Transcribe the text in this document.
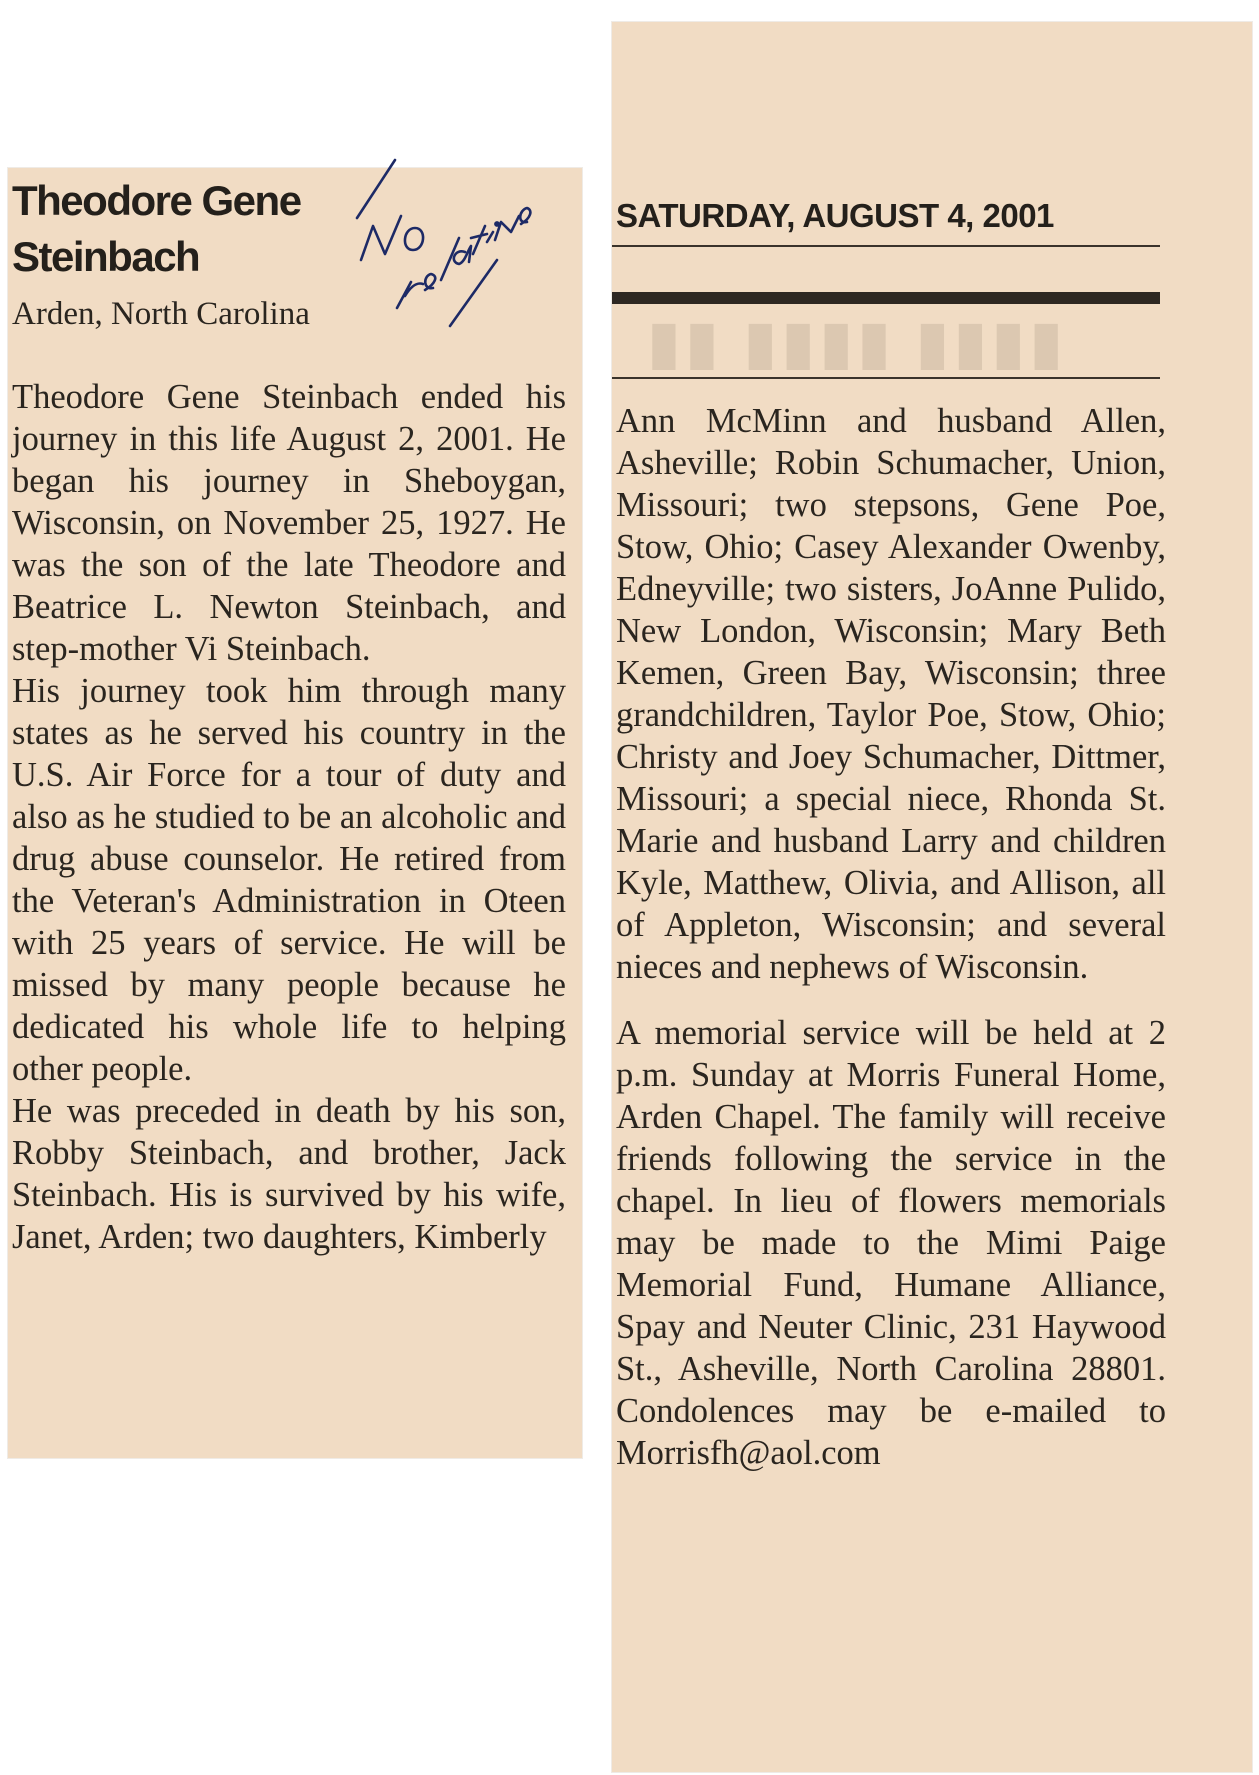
Theodore Gene Steinbach
Arden, North Carolina

Theodore Gene Steinbach ended his journey in this life August 2, 2001. He began his journey in Sheboygan, Wisconsin, on November 25, 1927. He was the son of the late Theodore and Beatrice L. Newton Steinbach, and step-mother Vi Steinbach.

His journey took him through many states as he served his country in the U.S. Air Force for a tour of duty and also as he studied to be an alcoholic and drug abuse counselor. He retired from the Veteran's Administration in Oteen with 25 years of service. He will be missed by many people because he dedicated his whole life to helping other people.

He was preceded in death by his son, Robby Steinbach, and brother, Jack Steinbach. His is survived by his wife, Janet, Arden; two daughters, Kimberly

▮▮▮▮ ▮▮▮▮ ▮▮
SATURDAY, AUGUST 4, 2001

Ann McMinn and husband Allen, Asheville; Robin Schumacher, Union, Missouri; two stepsons, Gene Poe, Stow, Ohio; Casey Alexander Owenby, Edneyville; two sisters, JoAnne Pulido, New London, Wisconsin; Mary Beth Kemen, Green Bay, Wisconsin; three grandchildren, Taylor Poe, Stow, Ohio; Christy and Joey Schumacher, Dittmer, Missouri; a special niece, Rhonda St. Marie and husband Larry and children Kyle, Matthew, Olivia, and Allison, all of Appleton, Wisconsin; and several nieces and nephews of Wisconsin.

A memorial service will be held at 2 p.m. Sunday at Morris Funeral Home, Arden Chapel. The family will receive friends following the service in the chapel. In lieu of flowers memorials may be made to the Mimi Paige Memorial Fund, Humane Alliance, Spay and Neuter Clinic, 231 Haywood St., Asheville, North Carolina 28801. Condolences may be e-mailed to Morrisfh@aol.com
